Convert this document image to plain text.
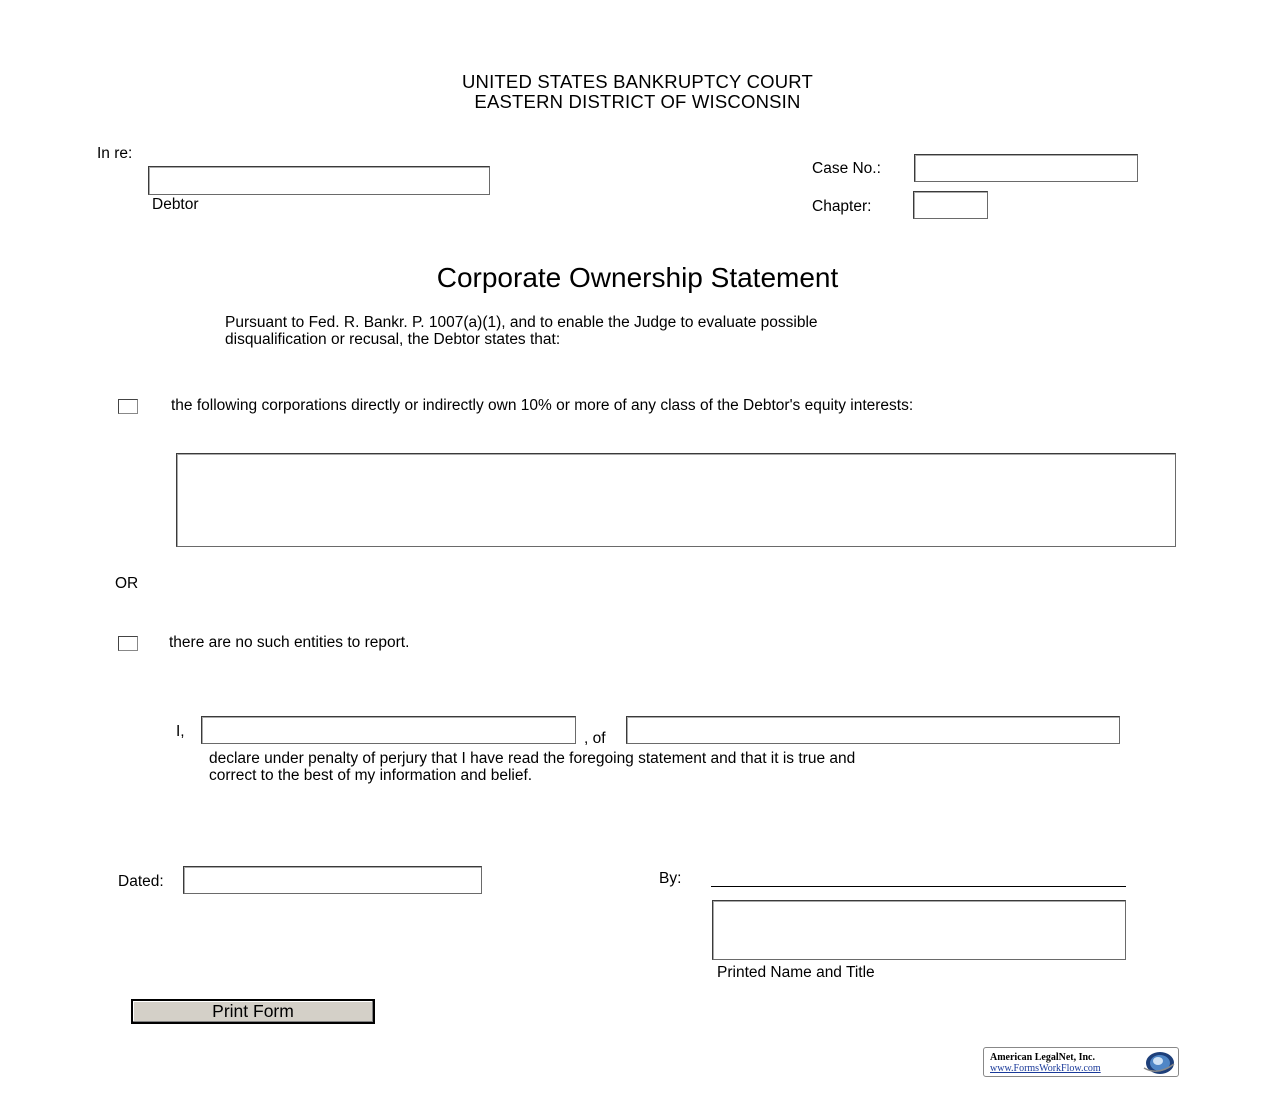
UNITED STATES BANKRUPTCY COURT
EASTERN DISTRICT OF WISCONSIN
In re:
Debtor
Case No.:
Chapter:
Corporate Ownership Statement
Pursuant to Fed. R. Bankr. P. 1007(a)(1), and to enable the Judge to evaluate possible
disqualification or recusal, the Debtor states that:
the following corporations directly or indirectly own 10% or more of any class of the Debtor's equity interests:
OR
there are no such entities to report.
I,	, of
declare under penalty of perjury that I have read the foregoing statement and that it is true and
correct to the best of my information and belief.
Dated:	By:
Printed Name and Title
Print Form
American LegalNet, Inc.
www.FormsWorkFlow.com
